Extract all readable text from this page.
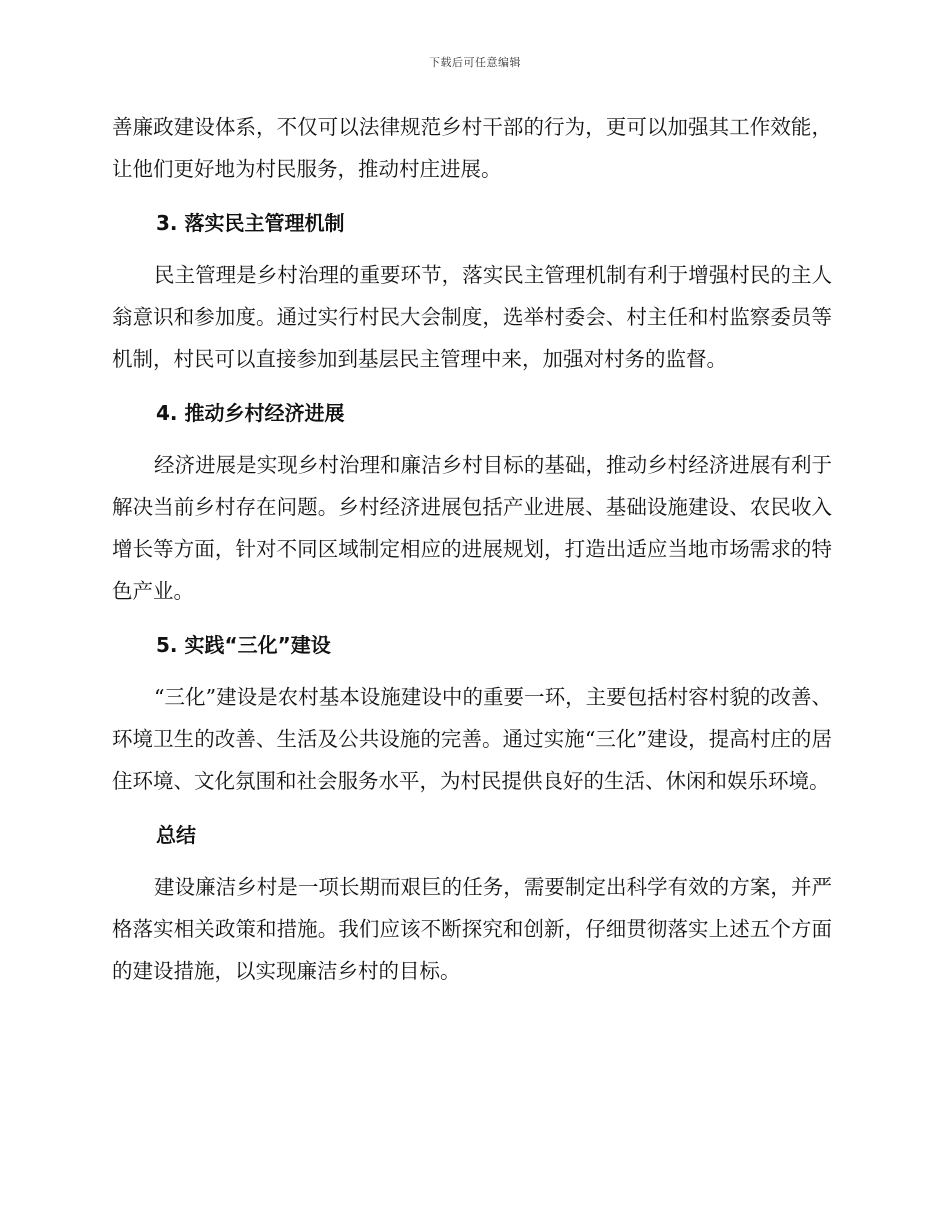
下载后可任意编辑

善廉政建设体系，不仅可以法律规范乡村干部的行为，更可以加强其工作效能，让他们更好地为村民服务，推动村庄进展。

3. 落实民主管理机制

民主管理是乡村治理的重要环节，落实民主管理机制有利于增强村民的主人翁意识和参加度。通过实行村民大会制度，选举村委会、村主任和村监察委员等机制，村民可以直接参加到基层民主管理中来，加强对村务的监督。

4. 推动乡村经济进展

经济进展是实现乡村治理和廉洁乡村目标的基础，推动乡村经济进展有利于解决当前乡村存在问题。乡村经济进展包括产业进展、基础设施建设、农民收入增长等方面，针对不同区域制定相应的进展规划，打造出适应当地市场需求的特色产业。

5. 实践“三化”建设

“三化”建设是农村基本设施建设中的重要一环，主要包括村容村貌的改善、环境卫生的改善、生活及公共设施的完善。通过实施“三化”建设，提高村庄的居住环境、文化氛围和社会服务水平，为村民提供良好的生活、休闲和娱乐环境。

总结

建设廉洁乡村是一项长期而艰巨的任务，需要制定出科学有效的方案，并严格落实相关政策和措施。我们应该不断探究和创新，仔细贯彻落实上述五个方面的建设措施，以实现廉洁乡村的目标。
